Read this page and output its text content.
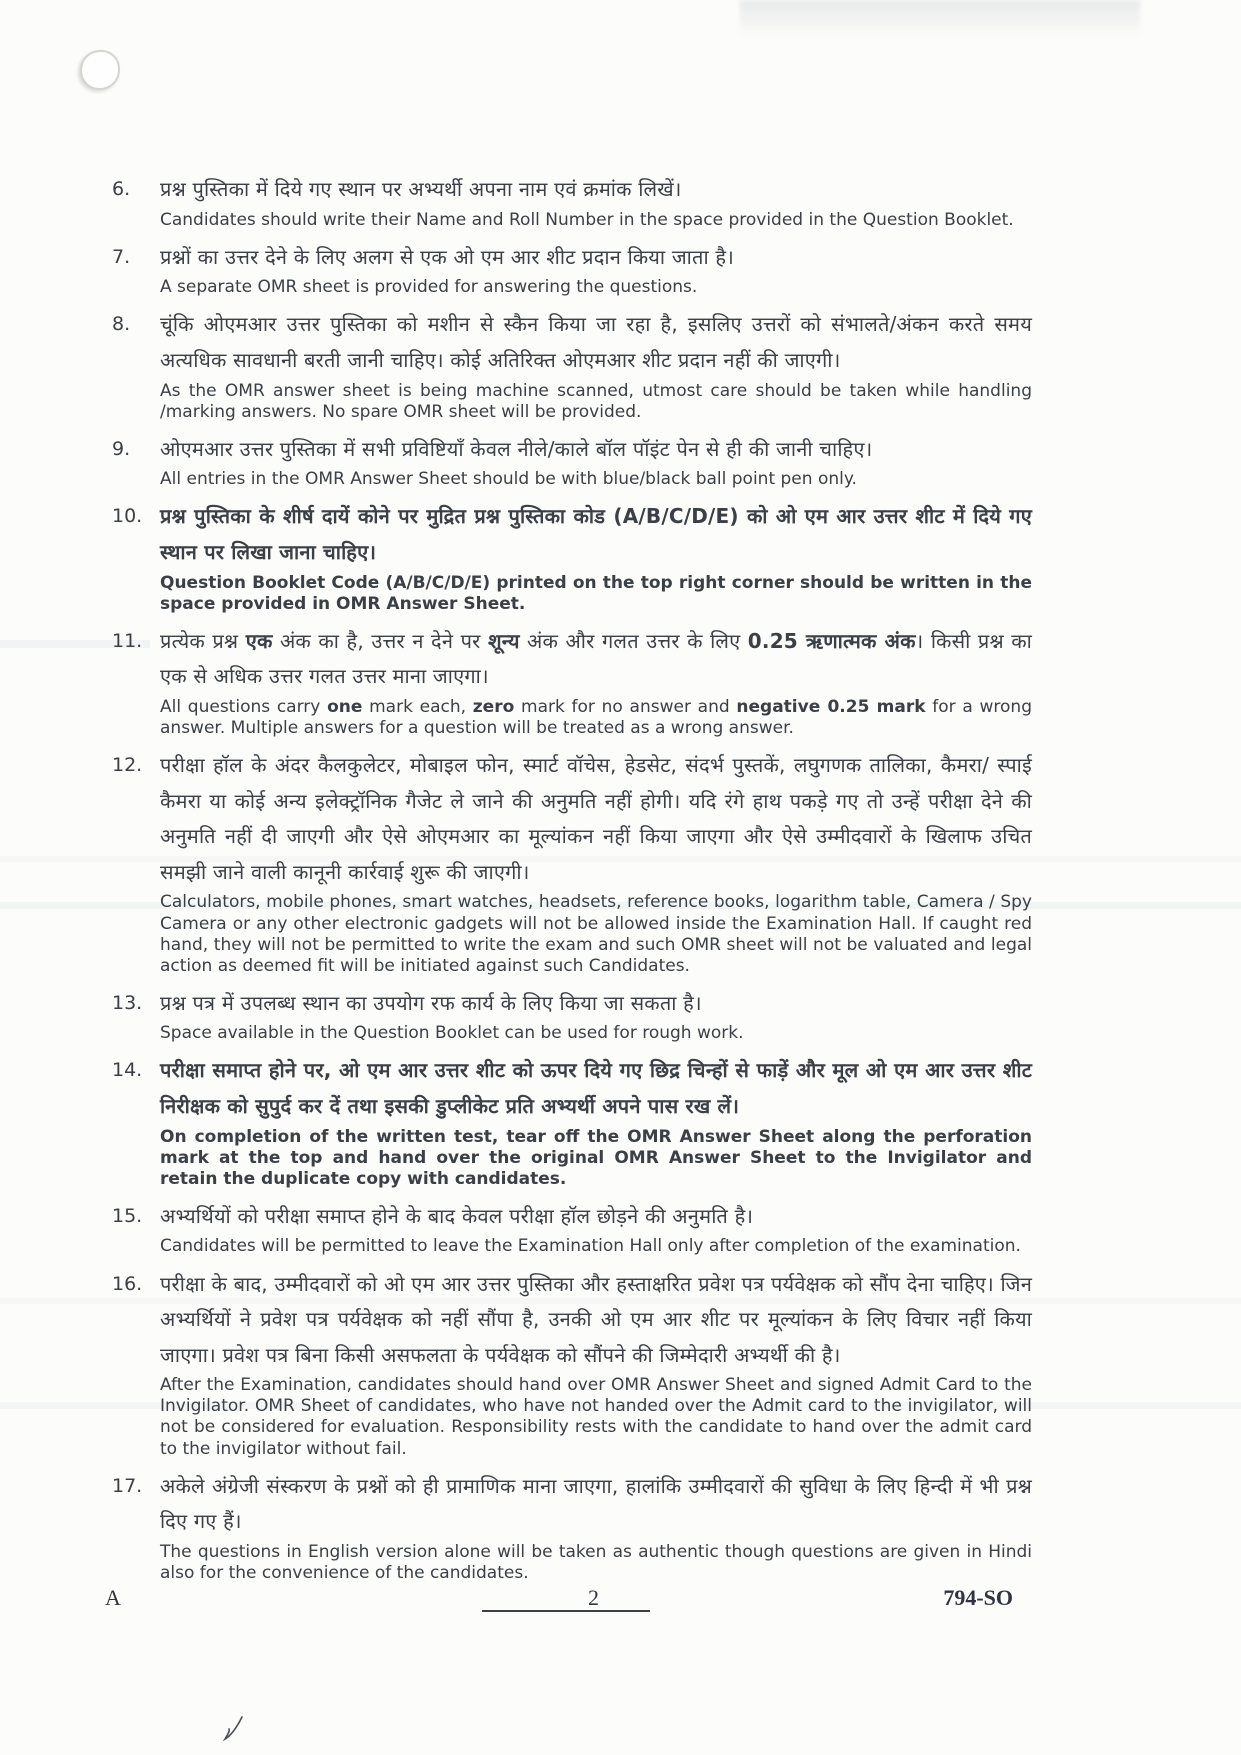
6.	प्रश्न पुस्तिका में दिये गए स्थान पर अभ्यर्थी अपना नाम एवं क्रमांक लिखें।

Candidates should write their Name and Roll Number in the space provided in the Question Booklet.

7.	प्रश्नों का उत्तर देने के लिए अलग से एक ओ एम आर शीट प्रदान किया जाता है।

A separate OMR sheet is provided for answering the questions.

8.	चूंकि ओएमआर उत्तर पुस्तिका को मशीन से स्कैन किया जा रहा है, इसलिए उत्तरों को संभालते/अंकन करते समय अत्यधिक सावधानी बरती जानी चाहिए। कोई अतिरिक्त ओएमआर शीट प्रदान नहीं की जाएगी।

As the OMR answer sheet is being machine scanned, utmost care should be taken while handling /marking answers. No spare OMR sheet will be provided.

9.	ओएमआर उत्तर पुस्तिका में सभी प्रविष्टियाँ केवल नीले/काले बॉल पॉइंट पेन से ही की जानी चाहिए।

All entries in the OMR Answer Sheet should be with blue/black ball point pen only.

10. प्रश्न पुस्तिका के शीर्ष दायें कोने पर मुद्रित प्रश्न पुस्तिका कोड (A/B/C/D/E) को ओ एम आर उत्तर शीट में दिये गए स्थान पर लिखा जाना चाहिए।

Question Booklet Code (A/B/C/D/E) printed on the top right corner should be written in the space provided in OMR Answer Sheet.

11. प्रत्येक प्रश्न एक अंक का है, उत्तर न देने पर शून्य अंक और गलत उत्तर के लिए 0.25 ऋणात्मक अंक। किसी प्रश्न का एक से अधिक उत्तर गलत उत्तर माना जाएगा।

All questions carry one mark each, zero mark for no answer and negative 0.25 mark for a wrong answer. Multiple answers for a question will be treated as a wrong answer.

12. परीक्षा हॉल के अंदर कैलकुलेटर, मोबाइल फोन, स्मार्ट वॉचेस, हेडसेट, संदर्भ पुस्तकें, लघुगणक तालिका, कैमरा/ स्पाई कैमरा या कोई अन्य इलेक्ट्रॉनिक गैजेट ले जाने की अनुमति नहीं होगी। यदि रंगे हाथ पकड़े गए तो उन्हें परीक्षा देने की अनुमति नहीं दी जाएगी और ऐसे ओएमआर का मूल्यांकन नहीं किया जाएगा और ऐसे उम्मीदवारों के खिलाफ उचित समझी जाने वाली कानूनी कार्रवाई शुरू की जाएगी।

Calculators, mobile phones, smart watches, headsets, reference books, logarithm table, Camera / Spy Camera or any other electronic gadgets will not be allowed inside the Examination Hall. If caught red hand, they will not be permitted to write the exam and such OMR sheet will not be valuated and legal action as deemed fit will be initiated against such Candidates.

13. प्रश्न पत्र में उपलब्ध स्थान का उपयोग रफ कार्य के लिए किया जा सकता है।

Space available in the Question Booklet can be used for rough work.

14. परीक्षा समाप्त होने पर, ओ एम आर उत्तर शीट को ऊपर दिये गए छिद्र चिन्हों से फाड़ें और मूल ओ एम आर उत्तर शीट निरीक्षक को सुपुर्द कर दें तथा इसकी डुप्लीकेट प्रति अभ्यर्थी अपने पास रख लें।

On completion of the written test, tear off the OMR Answer Sheet along the perforation mark at the top and hand over the original OMR Answer Sheet to the Invigilator and retain the duplicate copy with candidates.

15. अभ्यर्थियों को परीक्षा समाप्त होने के बाद केवल परीक्षा हॉल छोड़ने की अनुमति है।

Candidates will be permitted to leave the Examination Hall only after completion of the examination.

16. परीक्षा के बाद, उम्मीदवारों को ओ एम आर उत्तर पुस्तिका और हस्ताक्षरित प्रवेश पत्र पर्यवेक्षक को सौंप देना चाहिए। जिन अभ्यर्थियों ने प्रवेश पत्र पर्यवेक्षक को नहीं सौंपा है, उनकी ओ एम आर शीट पर मूल्यांकन के लिए विचार नहीं किया जाएगा। प्रवेश पत्र बिना किसी असफलता के पर्यवेक्षक को सौंपने की जिम्मेदारी अभ्यर्थी की है।

After the Examination, candidates should hand over OMR Answer Sheet and signed Admit Card to the Invigilator. OMR Sheet of candidates, who have not handed over the Admit card to the invigilator, will not be considered for evaluation. Responsibility rests with the candidate to hand over the admit card to the invigilator without fail.

17. अकेले अंग्रेजी संस्करण के प्रश्नों को ही प्रामाणिक माना जाएगा, हालांकि उम्मीदवारों की सुविधा के लिए हिन्दी में भी प्रश्न दिए गए हैं।

The questions in English version alone will be taken as authentic though questions are given in Hindi also for the convenience of the candidates.

A	2	794-SO
